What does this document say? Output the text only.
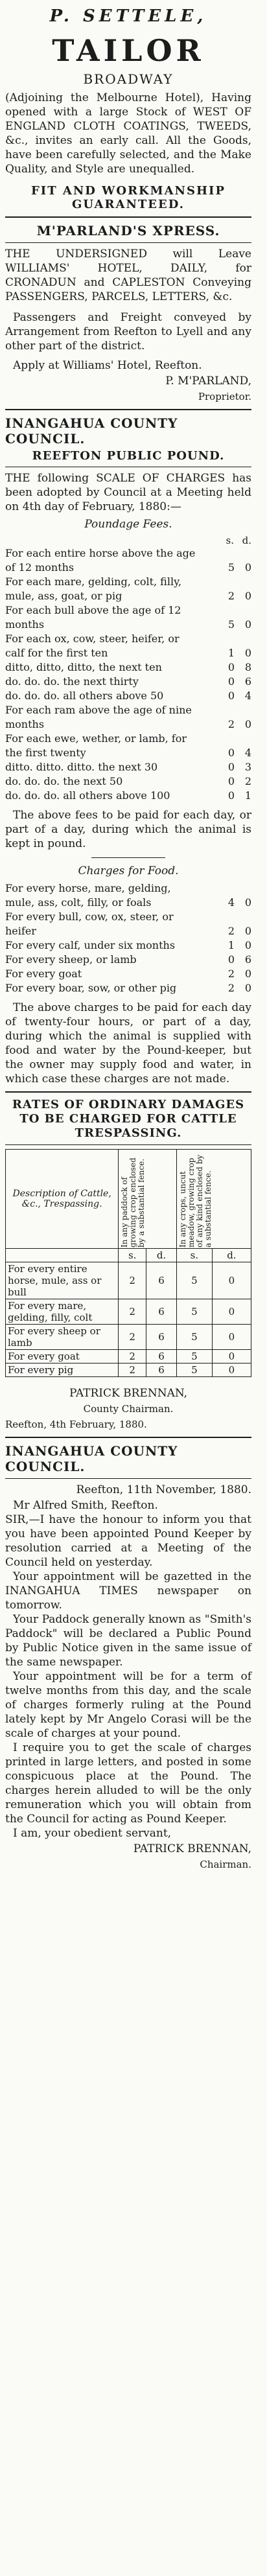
P. SETTELE,
TAILOR
BROADWAY

(Adjoining the Melbourne Hotel), Having opened with a large Stock of WEST OF ENGLAND CLOTH COATINGS, TWEEDS, &c., invites an early call. All the Goods, have been carefully selected, and the Make Quality, and Style are unequalled.

FIT AND WORKMANSHIP GUARANTEED.
M'PARLAND'S XPRESS.

THE UNDERSIGNED will Leave WILLIAMS' HOTEL, DAILY, for CRONADUN and CAPLESTON Conveying PASSENGERS, PARCELS, LETTERS, &c.

Passengers and Freight conveyed by Arrangement from Reefton to Lyell and any other part of the district.

Apply at Williams' Hotel, Reefton.

P. M'PARLAND,
Proprietor.
INANGAHUA COUNTY COUNCIL.
REEFTON PUBLIC POUND.

THE following SCALE OF CHARGES has been adopted by Council at a Meeting held on 4th day of February, 1880:—

Poundage Fees.
s. d.
For each entire horse above the age
of 12 months	5 0
For each mare, gelding, colt, filly,
mule, ass, goat, or pig	2 0
For each bull above the age of 12
months	5 0
For each ox, cow, steer, heifer, or
calf for the first ten	1 0
ditto, ditto, ditto, the next ten	0 8
do. do. do. the next thirty	0 6
do. do. do. all others above 50	0 4
For each ram above the age of nine
months	2 0
For each ewe, wether, or lamb, for
the first twenty	0 4
ditto. ditto. ditto. the next 30	0 3
do. do. do. the next 50	0 2
do. do. do. all others above 100	0 1

The above fees to be paid for each day, or part of a day, during which the animal is kept in pound.

Charges for Food.
For every horse, mare, gelding,
mule, ass, colt, filly, or foals	4 0
For every bull, cow, ox, steer, or
heifer	2 0
For every calf, under six months	1 0
For every sheep, or lamb	0 6
For every goat	2 0
For every boar, sow, or other pig	2 0

The above charges to be paid for each day of twenty-four hours, or part of a day, during which the animal is supplied with food and water by the Pound-keeper, but the owner may supply food and water, in which case these charges are not made.

RATES OF ORDINARY DAMAGES TO BE CHARGED FOR CATTLE TRESPASSING.
Description of Cattle, &c., Trespassing.	In any paddock of growing crop enclosed by a substantial fence.		In any crops, uncut meadow, growing crop of any kind enclosed by a substantial fence.	

	s.	d.	s.	d.
For every entire horse, mule, ass or bull	2	6	5	0
For every mare, gelding, filly, colt	2	6	5	0
For every sheep or lamb	2	6	5	0
For every goat	2	6	5	0
For every pig	2	6	5	0
PATRICK BRENNAN,
County Chairman.
Reefton, 4th February, 1880.
INANGAHUA COUNTY COUNCIL.
Reefton, 11th November, 1880.

Mr Alfred Smith, Reefton.

SIR,—I have the honour to inform you that you have been appointed Pound Keeper by resolution carried at a Meeting of the Council held on yesterday.

Your appointment will be gazetted in the INANGAHUA TIMES newspaper on tomorrow.

Your Paddock generally known as "Smith's Paddock" will be declared a Public Pound by Public Notice given in the same issue of the same newspaper.

Your appointment will be for a term of twelve months from this day, and the scale of charges formerly ruling at the Pound lately kept by Mr Angelo Corasi will be the scale of charges at your pound.

I require you to get the scale of charges printed in large letters, and posted in some conspicuous place at the Pound. The charges herein alluded to will be the only remuneration which you will obtain from the Council for acting as Pound Keeper.

I am, your obedient servant,

PATRICK BRENNAN,
Chairman.
